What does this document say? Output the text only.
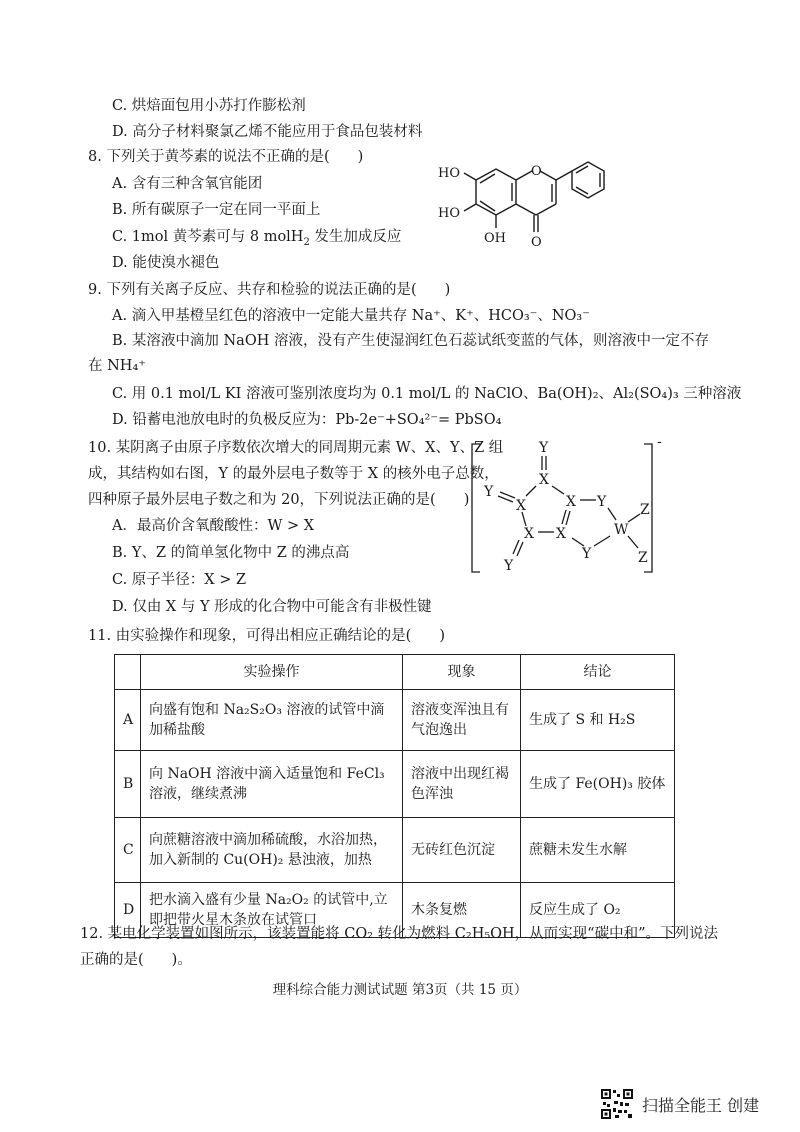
C. 烘焙面包用小苏打作膨松剂
D. 高分子材料聚氯乙烯不能应用于食品包装材料
8. 下列关于黄芩素的说法不正确的是( )
A. 含有三种含氧官能团
B. 所有碳原子一定在同一平面上
C. 1mol 黄芩素可与 8 molH$_2$ 发生加成反应
D. 能使溴水褪色
HO
HO
OH
O
O
9. 下列有关离子反应、共存和检验的说法正确的是( )
A. 滴入甲基橙呈红色的溶液中一定能大量共存 Na⁺、K⁺、HCO₃⁻、NO₃⁻
B. 某溶液中滴加 NaOH 溶液，没有产生使湿润红色石蕊试纸变蓝的气体，则溶液中一定不存
在 NH₄⁺
C. 用 0.1 mol/L KI 溶液可鉴别浓度均为 0.1 mol/L 的 NaClO、Ba(OH)₂、Al₂(SO₄)₃ 三种溶液
D. 铅蓄电池放电时的负极反应为：Pb-2e⁻+SO₄²⁻= PbSO₄
10. 某阴离子由原子序数依次增大的同周期元素 W、X、Y、Z 组
成，其结构如右图，Y 的最外层电子数等于 X 的核外电子总数，
四种原子最外层电子数之和为 20，下列说法正确的是( )
A．最高价含氧酸酸性：W > X
B. Y、Z 的简单氢化物中 Z 的沸点高
C. 原子半径：X > Z
D. 仅由 X 与 Y 形成的化合物中可能含有非极性键
-
Y
X
Y
X	X Y
X X
Y
Y
W
Z
Z
11. 由实验操作和现象，可得出相应正确结论的是( )
	实验操作	现象	结论
A	向盛有饱和 Na₂S₂O₃ 溶液的试管中滴加稀盐酸	溶液变浑浊且有气泡逸出	生成了 S 和 H₂S
B	向 NaOH 溶液中滴入适量饱和 FeCl₃ 溶液，继续煮沸	溶液中出现红褐色浑浊	生成了 Fe(OH)₃ 胶体
C	向蔗糖溶液中滴加稀硫酸，水浴加热，加入新制的 Cu(OH)₂ 悬浊液，加热	无砖红色沉淀	蔗糖未发生水解
D	把水滴入盛有少量 Na₂O₂ 的试管中,立即把带火星木条放在试管口	木条复燃	反应生成了 O₂
12. 某电化学装置如图所示，该装置能将 CO₂ 转化为燃料 C₂H₅OH，从而实现“碳中和”。下列说法
正确的是( )。
理科综合能力测试试题 第3页（共 15 页）
扫描全能王 创建
